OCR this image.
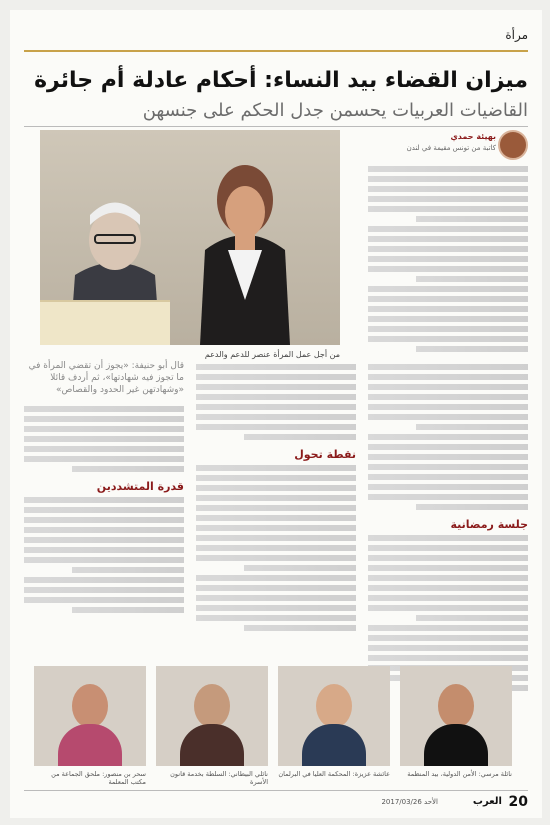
مرأة
ميزان القضاء بيد النساء: أحكام عادلة أم جائرة
القاضيات العربيات يحسمن جدل الحكم على جنسهن
من أجل عمل المرأة عنصر للدعم والدعم
بهيئة حمدي
كاتبة من تونس مقيمة في لندن
جلسة رمضانية
نقطة تحول
قال أبو حنيفة: «يجوز أن تقضي المرأة في ما تجوز فيه شهادتها»، ثم أردف قائلا «وشهادتهن غير الحدود والقصاص»
قدرة المتشددين
نائلة مرسي: الأمن الدولية، بيد المنظمة
عائشة عزيزة: المحكمة العليا في البرلمان
نائلي البيطاني: السلطة بخدمة قانون الأسرة
سحر بن منصور: ملحق الجماعة من مكتب المعلمة
20
العرب
الأحد 2017/03/26
